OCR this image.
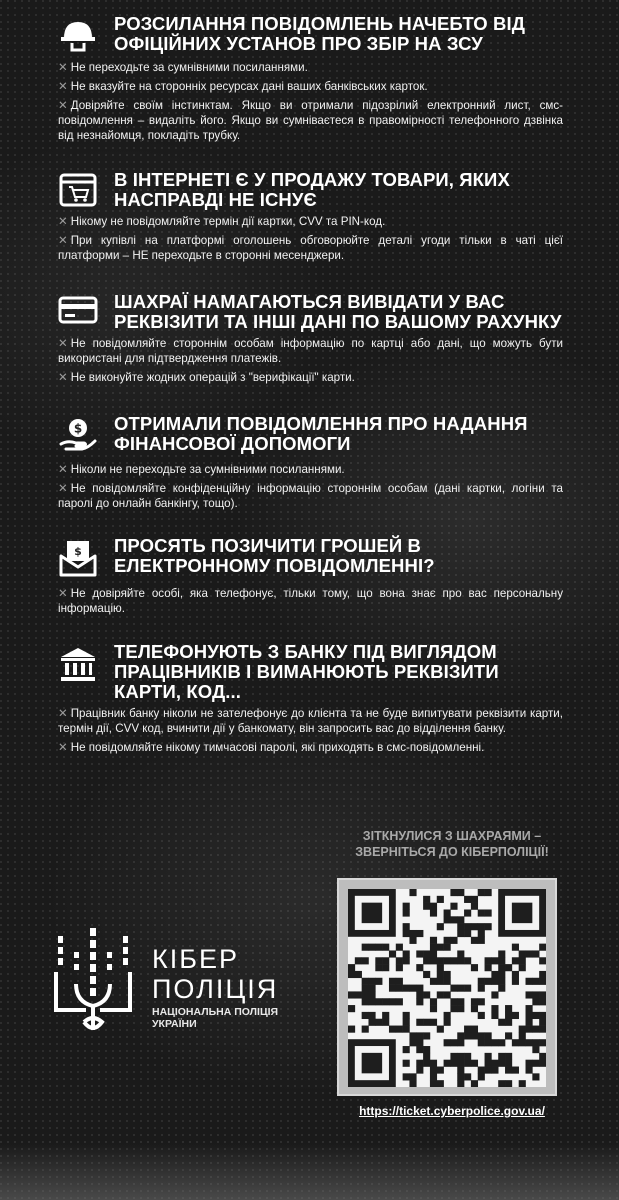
РОЗСИЛАННЯ ПОВІДОМЛЕНЬ НАЧЕБТО ВІД ОФІЦІЙНИХ УСТАНОВ ПРО ЗБІР НА ЗСУ
✕ Не переходьте за сумнівними посиланнями.
✕ Не вказуйте на сторонніх ресурсах дані ваших банківських карток.
✕ Довіряйте своїм інстинктам. Якщо ви отримали підозрілий електронний лист, смс-повідомлення – видаліть його. Якщо ви сумніваєтеся в правомірності телефонного дзвінка від незнайомця, покладіть трубку.
В ІНТЕРНЕТІ Є У ПРОДАЖУ ТОВАРИ, ЯКИХ НАСПРАВДІ НЕ ІСНУЄ
✕ Нікому не повідомляйте термін дії картки, CVV та PIN-код.
✕ При купівлі на платформі оголошень обговорюйте деталі угоди тільки в чаті цієї платформи – НЕ переходьте в сторонні месенджери.
ШАХРАЇ НАМАГАЮТЬСЯ ВИВІДАТИ У ВАС РЕКВІЗИТИ ТА ІНШІ ДАНІ ПО ВАШОМУ РАХУНКУ
✕ Не повідомляйте стороннім особам інформацію по картці або дані, що можуть бути використані для підтвердження платежів.
✕ Не виконуйте жодних операцій з "верифікації" карти.
$ ОТРИМАЛИ ПОВІДОМЛЕННЯ ПРО НАДАННЯ ФІНАНСОВОЇ ДОПОМОГИ
✕ Ніколи не переходьте за сумнівними посиланнями.
✕ Не повідомляйте конфіденційну інформацію стороннім особам (дані картки, логіни та паролі до онлайн банкінгу, тощо).
$ ПРОСЯТЬ ПОЗИЧИТИ ГРОШЕЙ В ЕЛЕКТРОННОМУ ПОВІДОМЛЕННІ?
✕ Не довіряйте особі, яка телефонує, тільки тому, що вона знає про вас персональну інформацію.
ТЕЛЕФОНУЮТЬ З БАНКУ ПІД ВИГЛЯДОМ ПРАЦІВНИКІВ І ВИМАНЮЮТЬ РЕКВІЗИТИ КАРТИ, КОД...
✕ Працівник банку ніколи не зателефонує до клієнта та не буде випитувати реквізити карти, термін дії, CVV код, вчинити дії у банкомату, він запросить вас до відділення банку.
✕ Не повідомляйте нікому тимчасові паролі, які приходять в смс-повідомленні.
ЗІТКНУЛИСЯ З ШАХРАЯМИ –
ЗВЕРНІТЬСЯ ДО КІБЕРПОЛІЦІЇ!
КІБЕР
ПОЛІЦІЯ
НАЦІОНАЛЬНА ПОЛІЦІЯ
УКРАЇНИ
https://ticket.cyberpolice.gov.ua/
